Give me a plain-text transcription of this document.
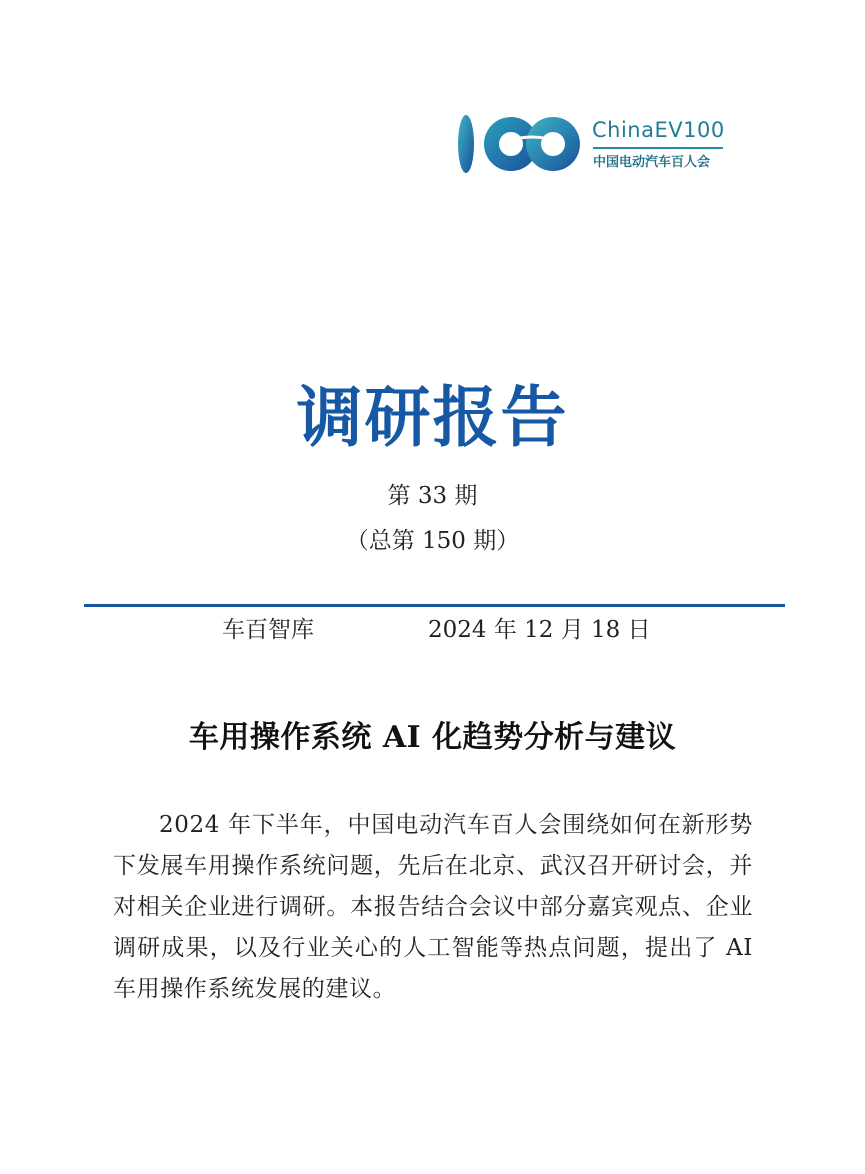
ChinaEV100
中国电动汽车百人会
调研报告
第 33 期
（总第 150 期）
车百智库	2024 年 12 月 18 日
车用操作系统 AI 化趋势分析与建议
2024 年下半年，中国电动汽车百人会围绕如何在新形势下发展车用操作系统问题，先后在北京、武汉召开研讨会，并对相关企业进行调研。本报告结合会议中部分嘉宾观点、企业调研成果，以及行业关心的人工智能等热点问题，提出了 AI 车用操作系统发展的建议。
